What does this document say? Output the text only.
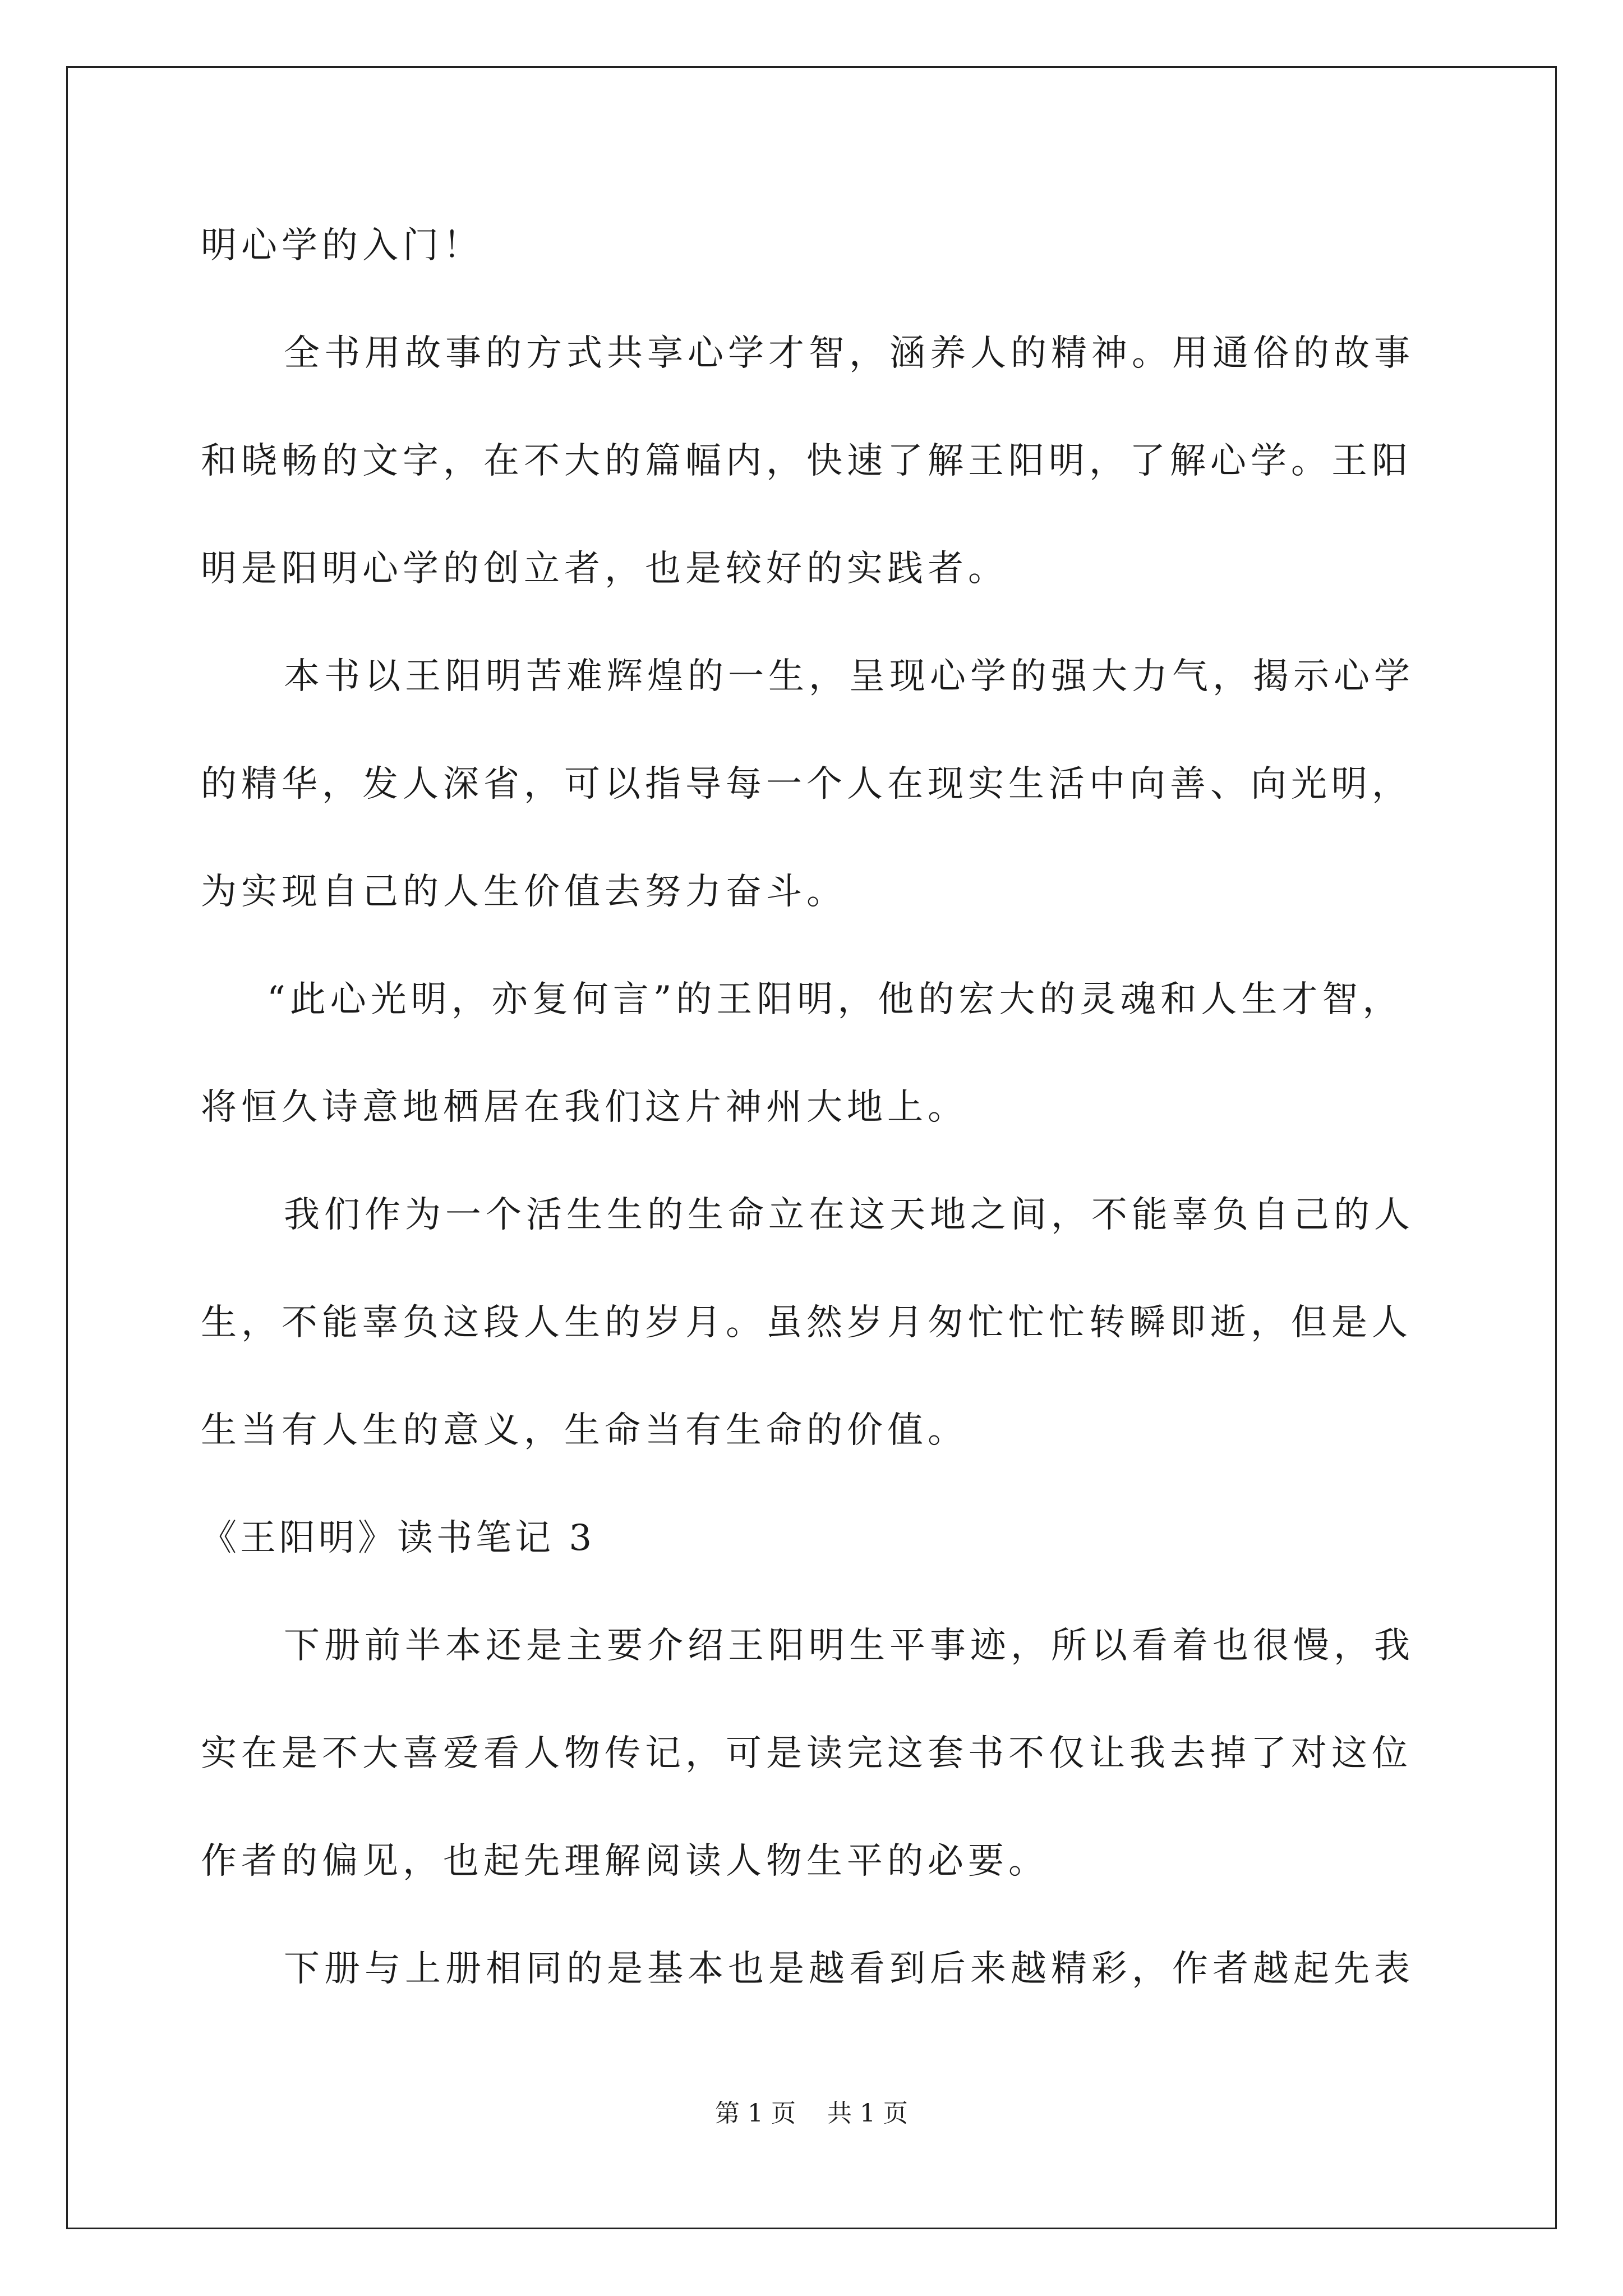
明心学的入门！
全书用故事的方式共享心学才智，涵养人的精神。用通俗的故事
和晓畅的文字，在不大的篇幅内，快速了解王阳明，了解心学。王阳
明是阳明心学的创立者，也是较好的实践者。
本书以王阳明苦难辉煌的一生，呈现心学的强大力气，揭示心学
的精华，发人深省，可以指导每一个人在现实生活中向善、向光明，
为实现自己的人生价值去努力奋斗。
“此心光明，亦复何言”的王阳明，他的宏大的灵魂和人生才智，
将恒久诗意地栖居在我们这片神州大地上。
我们作为一个活生生的生命立在这天地之间，不能辜负自己的人
生，不能辜负这段人生的岁月。虽然岁月匆忙忙忙转瞬即逝，但是人
生当有人生的意义，生命当有生命的价值。
《王阳明》读书笔记 3
下册前半本还是主要介绍王阳明生平事迹，所以看着也很慢，我
实在是不大喜爱看人物传记，可是读完这套书不仅让我去掉了对这位
作者的偏见，也起先理解阅读人物生平的必要。
下册与上册相同的是基本也是越看到后来越精彩，作者越起先表
第 1 页    共 1 页
